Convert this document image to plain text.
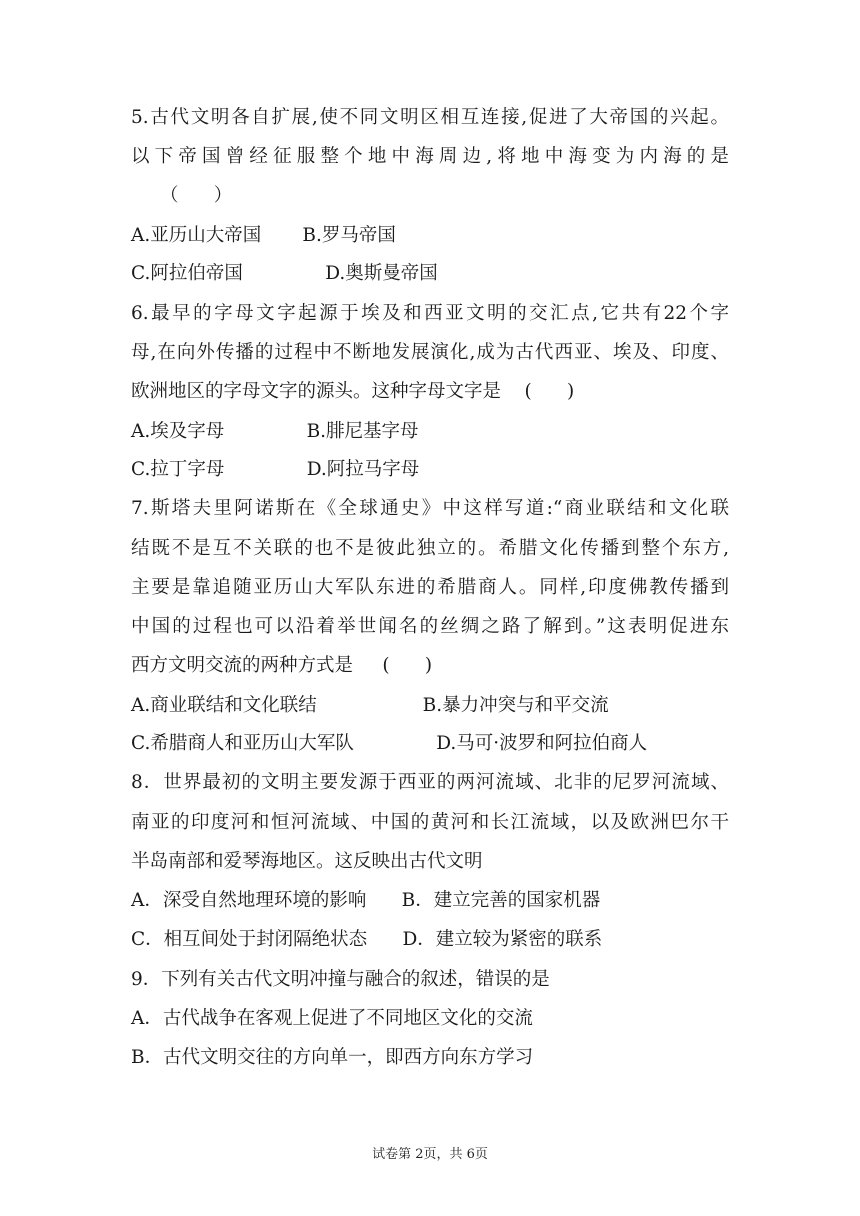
5.古代文明各自扩展,使不同文明区相互连接,促进了大帝国的兴起。
以下帝国曾经征服整个地中海周边,将地中海变为内海的是
（      ）
A.亚历山大帝国       B.罗马帝国
C.阿拉伯帝国              D.奥斯曼帝国
6.最早的字母文字起源于埃及和西亚文明的交汇点,它共有22个字
母,在向外传播的过程中不断地发展演化,成为古代西亚、埃及、印度、
欧洲地区的字母文字的源头。这种字母文字是    (      )
A.埃及字母              B.腓尼基字母
C.拉丁字母              D.阿拉马字母
7.斯塔夫里阿诺斯在《全球通史》中这样写道:“商业联结和文化联
结既不是互不关联的也不是彼此独立的。希腊文化传播到整个东方,
主要是靠追随亚历山大军队东进的希腊商人。同样,印度佛教传播到
中国的过程也可以沿着举世闻名的丝绸之路了解到。”这表明促进东
西方文明交流的两种方式是     (      )
A.商业联结和文化联结                  B.暴力冲突与和平交流
C.希腊商人和亚历山大军队              D.马可·波罗和阿拉伯商人
8．世界最初的文明主要发源于西亚的两河流域、北非的尼罗河流域、
南亚的印度河和恒河流域、中国的黄河和长江流域，以及欧洲巴尔干
半岛南部和爱琴海地区。这反映出古代文明
A．深受自然地理环境的影响      B．建立完善的国家机器
C．相互间处于封闭隔绝状态      D．建立较为紧密的联系
9．下列有关古代文明冲撞与融合的叙述，错误的是
A．古代战争在客观上促进了不同地区文化的交流
B．古代文明交往的方向单一，即西方向东方学习
试卷第 2页，共 6页
